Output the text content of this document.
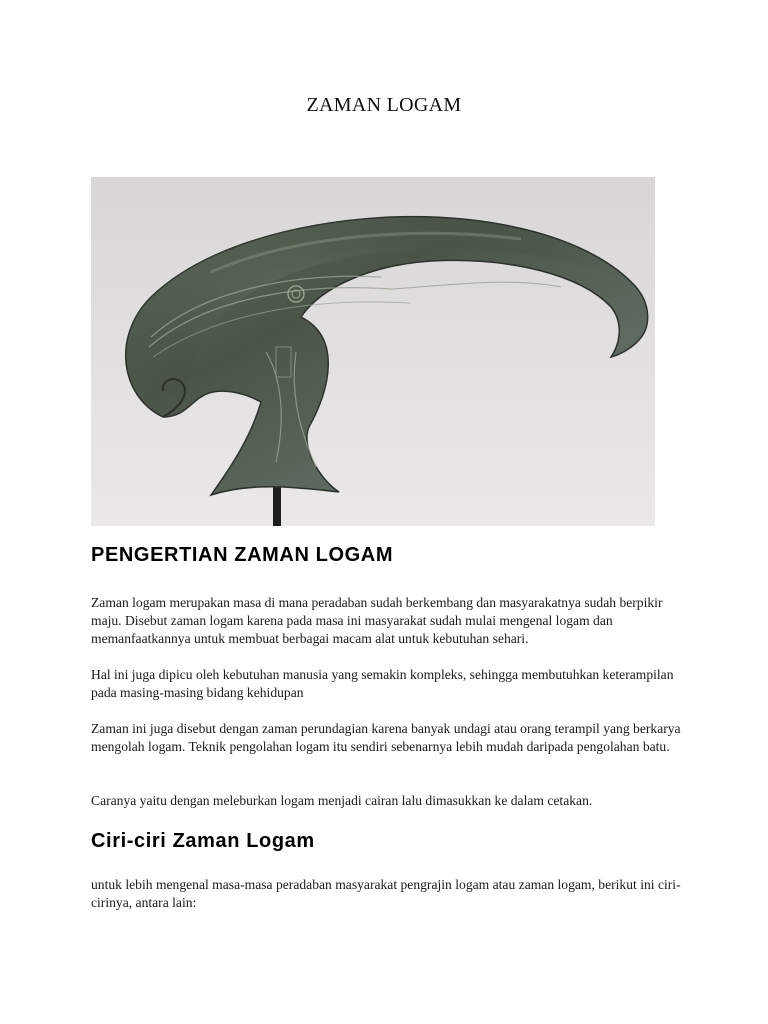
ZAMAN LOGAM
PENGERTIAN ZAMAN LOGAM

Zaman logam merupakan masa di mana peradaban sudah berkembang dan masyarakatnya sudah berpikir maju. Disebut zaman logam karena pada masa ini masyarakat sudah mulai mengenal logam dan memanfaatkannya untuk membuat berbagai macam alat untuk kebutuhan sehari.

Hal ini juga dipicu oleh kebutuhan manusia yang semakin kompleks, sehingga membutuhkan keterampilan pada masing-masing bidang kehidupan

Zaman ini juga disebut dengan zaman perundagian karena banyak undagi atau orang terampil yang berkarya mengolah logam. Teknik pengolahan logam itu sendiri sebenarnya lebih mudah daripada pengolahan batu.

Caranya yaitu dengan meleburkan logam menjadi cairan lalu dimasukkan ke dalam cetakan.

Ciri-ciri Zaman Logam

untuk lebih mengenal masa-masa peradaban masyarakat pengrajin logam atau zaman logam, berikut ini ciri-cirinya, antara lain:
